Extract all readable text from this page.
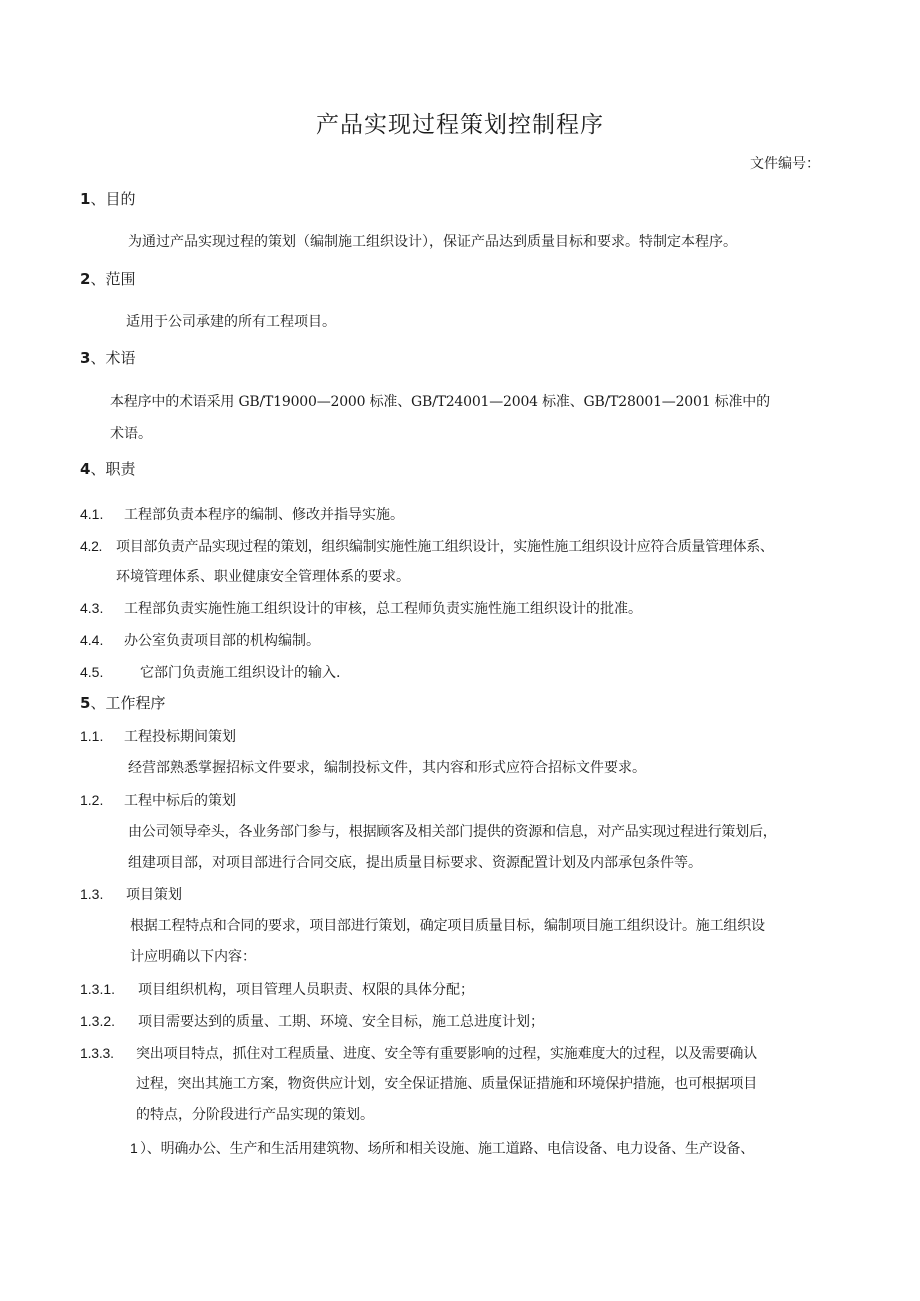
产品实现过程策划控制程序
文件编号：
1、目的
为通过产品实现过程的策划（编制施工组织设计），保证产品达到质量目标和要求。特制定本程序。
2、范围
适用于公司承建的所有工程项目。
3、术语
本程序中的术语采用 GB/T19000—2000 标准、GB/T24001—2004 标准、GB/T28001—2001 标准中的
术语。
4、职责
4.1. 工程部负责本程序的编制、修改并指导实施。
4.2. 项目部负责产品实现过程的策划，组织编制实施性施工组织设计，实施性施工组织设计应符合质量管理体系、
环境管理体系、职业健康安全管理体系的要求。
4.3. 工程部负责实施性施工组织设计的审核，总工程师负责实施性施工组织设计的批准。
4.4. 办公室负责项目部的机构编制。
4.5.	它部门负责施工组织设计的输入.
5、工作程序
1.1. 工程投标期间策划
经营部熟悉掌握招标文件要求，编制投标文件，其内容和形式应符合招标文件要求。
1.2. 工程中标后的策划
由公司领导牵头，各业务部门参与，根据顾客及相关部门提供的资源和信息，对产品实现过程进行策划后，
组建项目部，对项目部进行合同交底，提出质量目标要求、资源配置计划及内部承包条件等。
1.3. 项目策划
根据工程特点和合同的要求，项目部进行策划，确定项目质量目标，编制项目施工组织设计。施工组织设
计应明确以下内容：
1.3.1. 项目组织机构，项目管理人员职责、权限的具体分配；
1.3.2. 项目需要达到的质量、工期、环境、安全目标，施工总进度计划；
1.3.3. 突出项目特点，抓住对工程质量、进度、安全等有重要影响的过程，实施难度大的过程，以及需要确认
过程，突出其施工方案，物资供应计划，安全保证措施、质量保证措施和环境保护措施，也可根据项目
的特点，分阶段进行产品实现的策划。
1 ）、明确办公、生产和生活用建筑物、场所和相关设施、施工道路、电信设备、电力设备、生产设备、
